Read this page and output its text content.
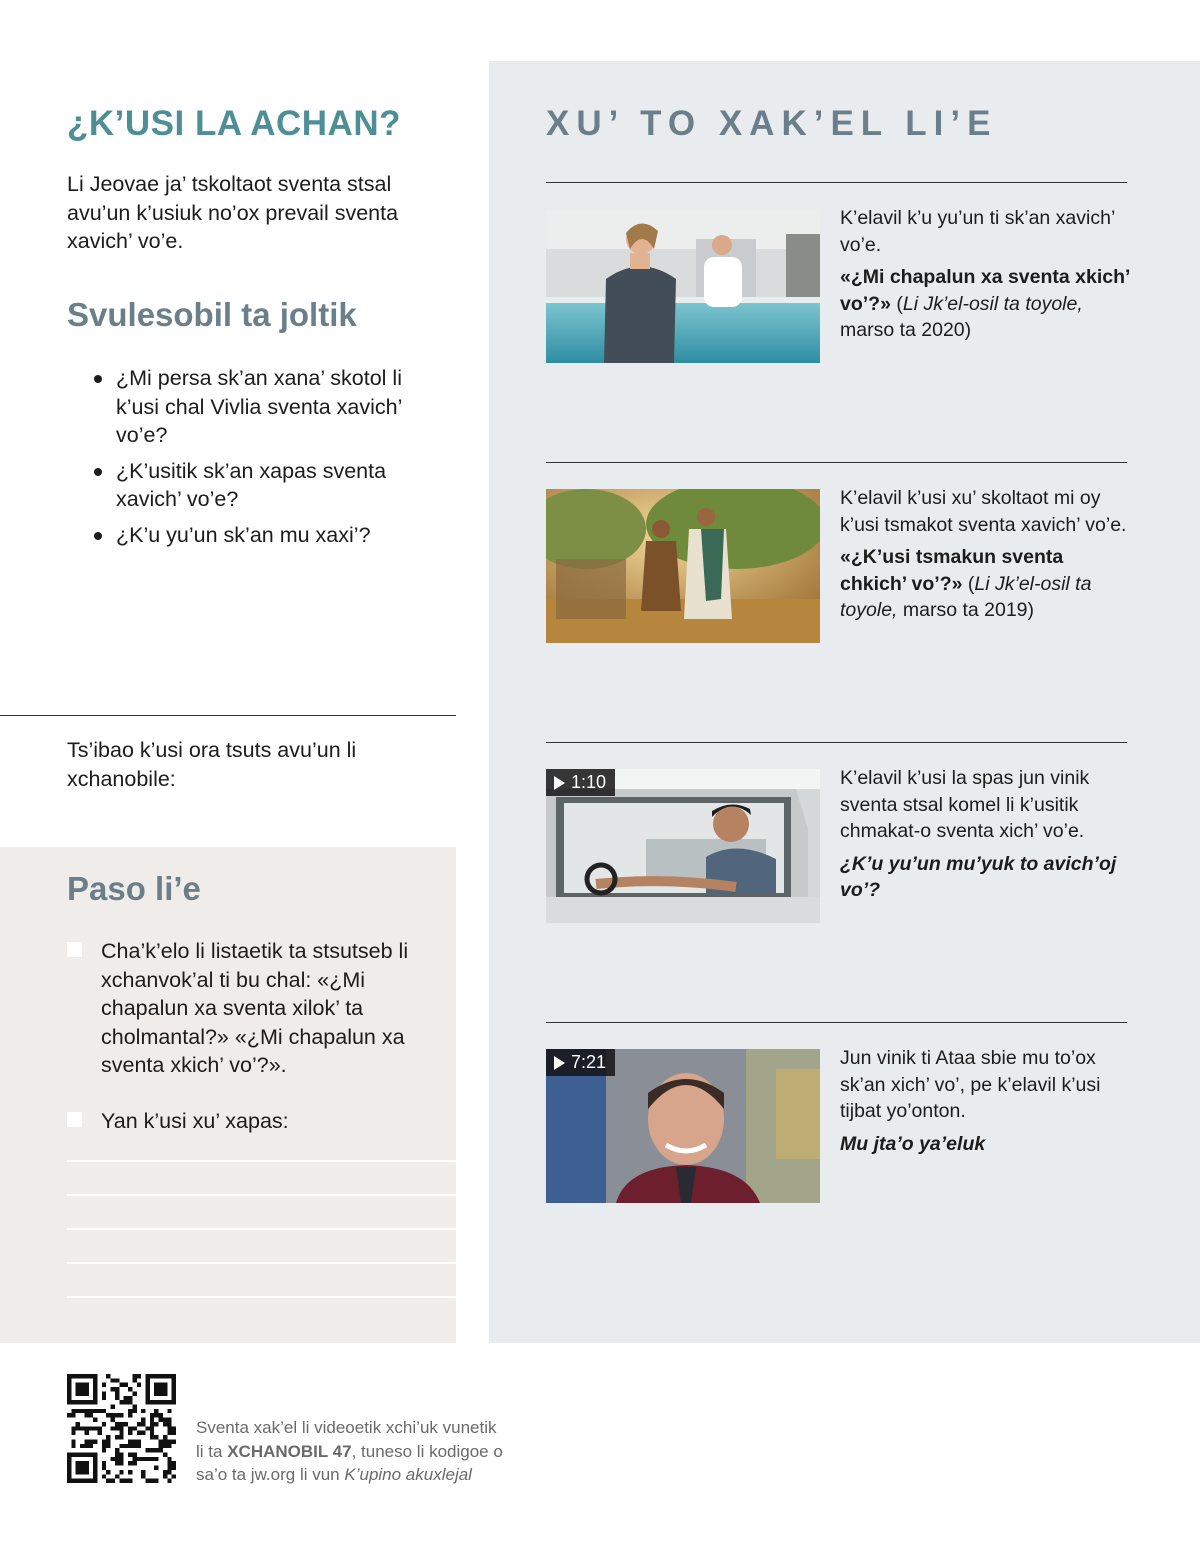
¿K’USI LA ACHAN?

Li Jeovae ja’ tskoltaot sventa stsal avu’un k’usiuk no’ox prevail sventa xavich’ vo’e.

Svulesobil ta joltik
¿Mi persa sk’an xana’ skotol li k’usi chal Vivlia sventa xavich’ vo’e?
¿K’usitik sk’an xapas sventa xavich’ vo’e?
¿K’u yu’un sk’an mu xaxi’?

Ts’ibao k’usi ora tsuts avu’un li xchanobile:

Paso li’e
Cha’k’elo li listaetik ta stsutseb li xchanvok’al ti bu chal: «¿Mi chapalun xa sventa xilok’ ta cholmantal?» «¿Mi chapalun xa sventa xkich’ vo’?».
Yan k’usi xu’ xapas:
XU’ TO XAK’EL LI’E

K’elavil k’u yu’un ti sk’an xavich’ vo’e.

«¿Mi chapalun xa sventa xkich’ vo’?» (Li Jk’el-osil ta toyole, marso ta 2020)

K’elavil k’usi xu’ skoltaot mi oy k’usi tsmakot sventa xavich’ vo’e.

«¿K’usi tsmakun sventa chkich’ vo’?» (Li Jk’el-osil ta toyole, marso ta 2019)

1:10	K’elavil k’usi la spas jun vinik sventa stsal komel li k’usitik chmakat-o sventa xich’ vo’e.

¿K’u yu’un mu’yuk to avich’oj vo’?

7:21	Jun vinik ti Ataa sbie mu to’ox sk’an xich’ vo’, pe k’elavil k’usi tijbat yo’onton.

Mu jta’o ya’eluk

Sventa xak’el li videoetik xchi’uk vunetik
li ta XCHANOBIL 47, tuneso li kodigoe o
sa’o ta jw.org li vun K’upino akuxlejal
